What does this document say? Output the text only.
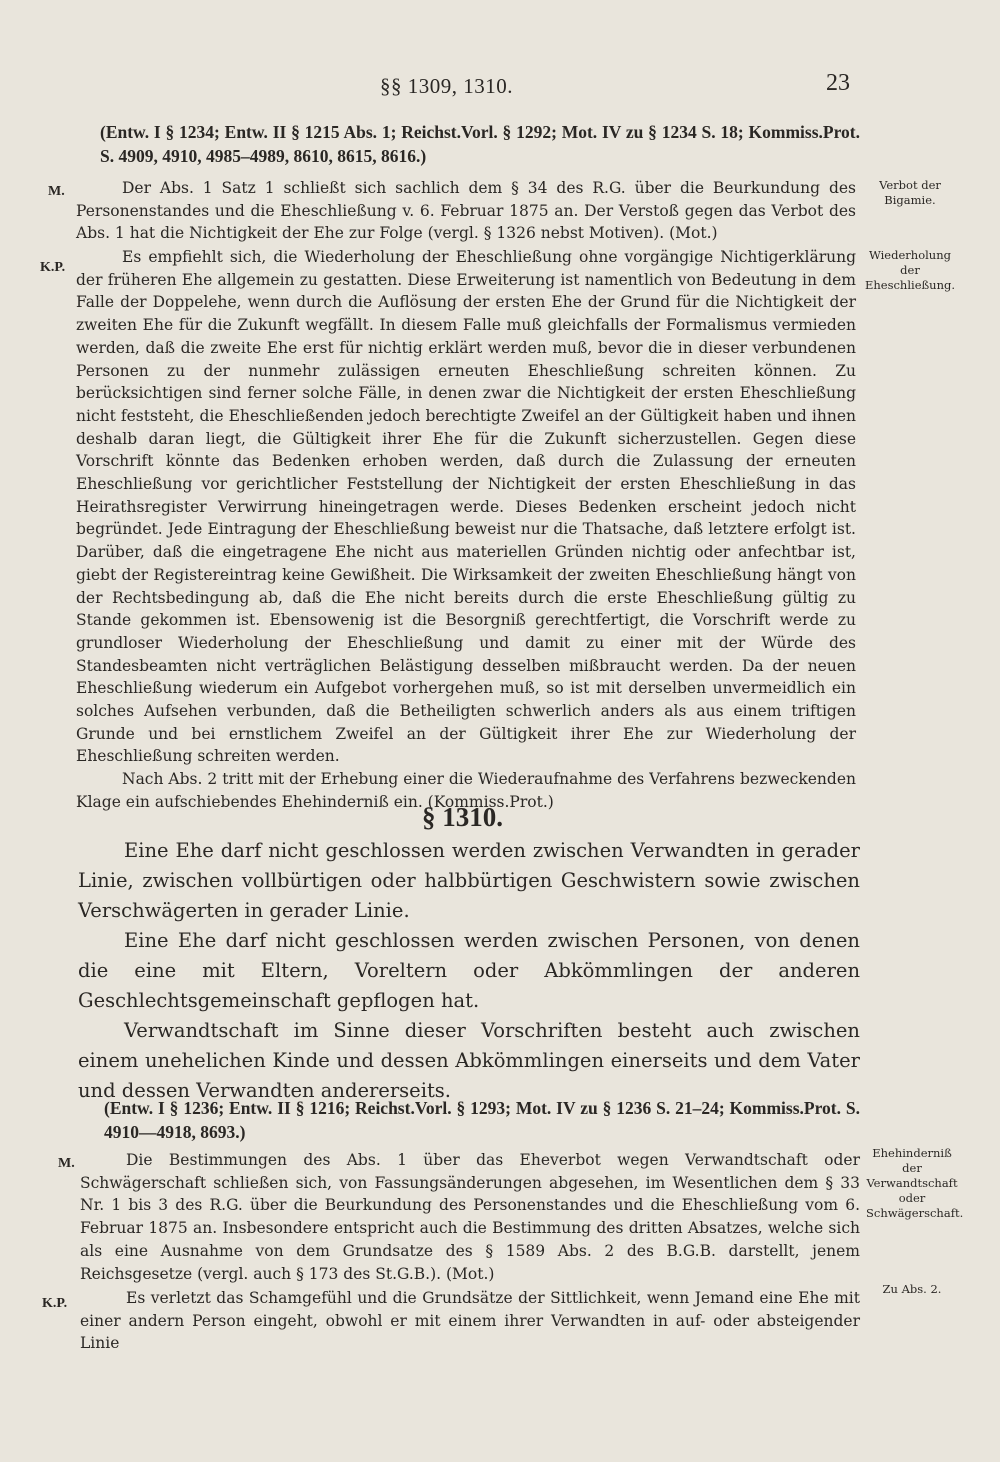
§§ 1309, 1310.	23

(Entw. I § 1234; Entw. II § 1215 Abs. 1; Reichst.Vorl. § 1292; Mot. IV zu § 1234 S. 18; Kommiss.Prot. S. 4909, 4910, 4985–4989, 8610, 8615, 8616.)

M.	Der Abs. 1 Satz 1 schließt sich sachlich dem § 34 des R.G. über die Beurkundung des Personenstandes und die Eheschließung v. 6. Februar 1875 an. Der Verstoß gegen das Verbot des Abs. 1 hat die Nichtigkeit der Ehe zur Folge (vergl. § 1326 nebst Motiven). (Mot.)

Verbot der Bigamie.
K.P.

Es empfiehlt sich, die Wiederholung der Eheschließung ohne vorgängige Nichtigerklärung der früheren Ehe allgemein zu gestatten. Diese Erweiterung ist namentlich von Bedeutung in dem Falle der Doppelehe, wenn durch die Auflösung der ersten Ehe der Grund für die Nichtigkeit der zweiten Ehe für die Zukunft wegfällt. In diesem Falle muß gleichfalls der Formalismus vermieden werden, daß die zweite Ehe erst für nichtig erklärt werden muß, bevor die in dieser verbundenen Personen zu der nunmehr zulässigen erneuten Eheschließung schreiten können. Zu berücksichtigen sind ferner solche Fälle, in denen zwar die Nichtigkeit der ersten Eheschließung nicht feststeht, die Eheschließenden jedoch berechtigte Zweifel an der Gültigkeit haben und ihnen deshalb daran liegt, die Gültigkeit ihrer Ehe für die Zukunft sicherzustellen. Gegen diese Vorschrift könnte das Bedenken erhoben werden, daß durch die Zulassung der erneuten Eheschließung vor gerichtlicher Feststellung der Nichtigkeit der ersten Eheschließung in das Heirathsregister Verwirrung hineingetragen werde. Dieses Bedenken erscheint jedoch nicht begründet. Jede Eintragung der Eheschließung beweist nur die Thatsache, daß letztere erfolgt ist. Darüber, daß die eingetragene Ehe nicht aus materiellen Gründen nichtig oder anfechtbar ist, giebt der Registereintrag keine Gewißheit. Die Wirksamkeit der zweiten Eheschließung hängt von der Rechtsbedingung ab, daß die Ehe nicht bereits durch die erste Eheschließung gültig zu Stande gekommen ist. Ebensowenig ist die Besorgniß gerechtfertigt, die Vorschrift werde zu grundloser Wiederholung der Eheschließung und damit zu einer mit der Würde des Standesbeamten nicht verträglichen Belästigung desselben mißbraucht werden. Da der neuen Eheschließung wiederum ein Aufgebot vorhergehen muß, so ist mit derselben unvermeidlich ein solches Aufsehen verbunden, daß die Betheiligten schwerlich anders als aus einem triftigen Grunde und bei ernstlichem Zweifel an der Gültigkeit ihrer Ehe zur Wiederholung der Eheschließung schreiten werden.

Nach Abs. 2 tritt mit der Erhebung einer die Wiederaufnahme des Verfahrens bezweckenden Klage ein aufschiebendes Ehehinderniß ein. (Kommiss.Prot.)

Wiederholung der Eheschließung.
§ 1310.

Eine Ehe darf nicht geschlossen werden zwischen Verwandten in gerader Linie, zwischen vollbürtigen oder halbbürtigen Geschwistern sowie zwischen Verschwägerten in gerader Linie.

Eine Ehe darf nicht geschlossen werden zwischen Personen, von denen die eine mit Eltern, Voreltern oder Abkömmlingen der anderen Geschlechtsgemeinschaft gepflogen hat.

Verwandtschaft im Sinne dieser Vorschriften besteht auch zwischen einem unehelichen Kinde und dessen Abkömmlingen einerseits und dem Vater und dessen Verwandten andererseits.

(Entw. I § 1236; Entw. II § 1216; Reichst.Vorl. § 1293; Mot. IV zu § 1236 S. 21–24; Kommiss.Prot. S. 4910—4918, 8693.)

M.	Die Bestimmungen des Abs. 1 über das Eheverbot wegen Verwandtschaft oder Schwägerschaft schließen sich, von Fassungsänderungen abgesehen, im Wesentlichen dem § 33 Nr. 1 bis 3 des R.G. über die Beurkundung des Personenstandes und die Eheschließung vom 6. Februar 1875 an. Insbesondere entspricht auch die Bestimmung des dritten Absatzes, welche sich als eine Ausnahme von dem Grundsatze des § 1589 Abs. 2 des B.G.B. darstellt, jenem Reichsgesetze (vergl. auch § 173 des St.G.B.). (Mot.)

Ehehinderniß der Verwandtschaft oder Schwägerschaft.
K.P.	Es verletzt das Schamgefühl und die Grundsätze der Sittlichkeit, wenn Jemand eine Ehe mit einer andern Person eingeht, obwohl er mit einem ihrer Verwandten in auf- oder absteigender Linie

Zu Abs. 2.
